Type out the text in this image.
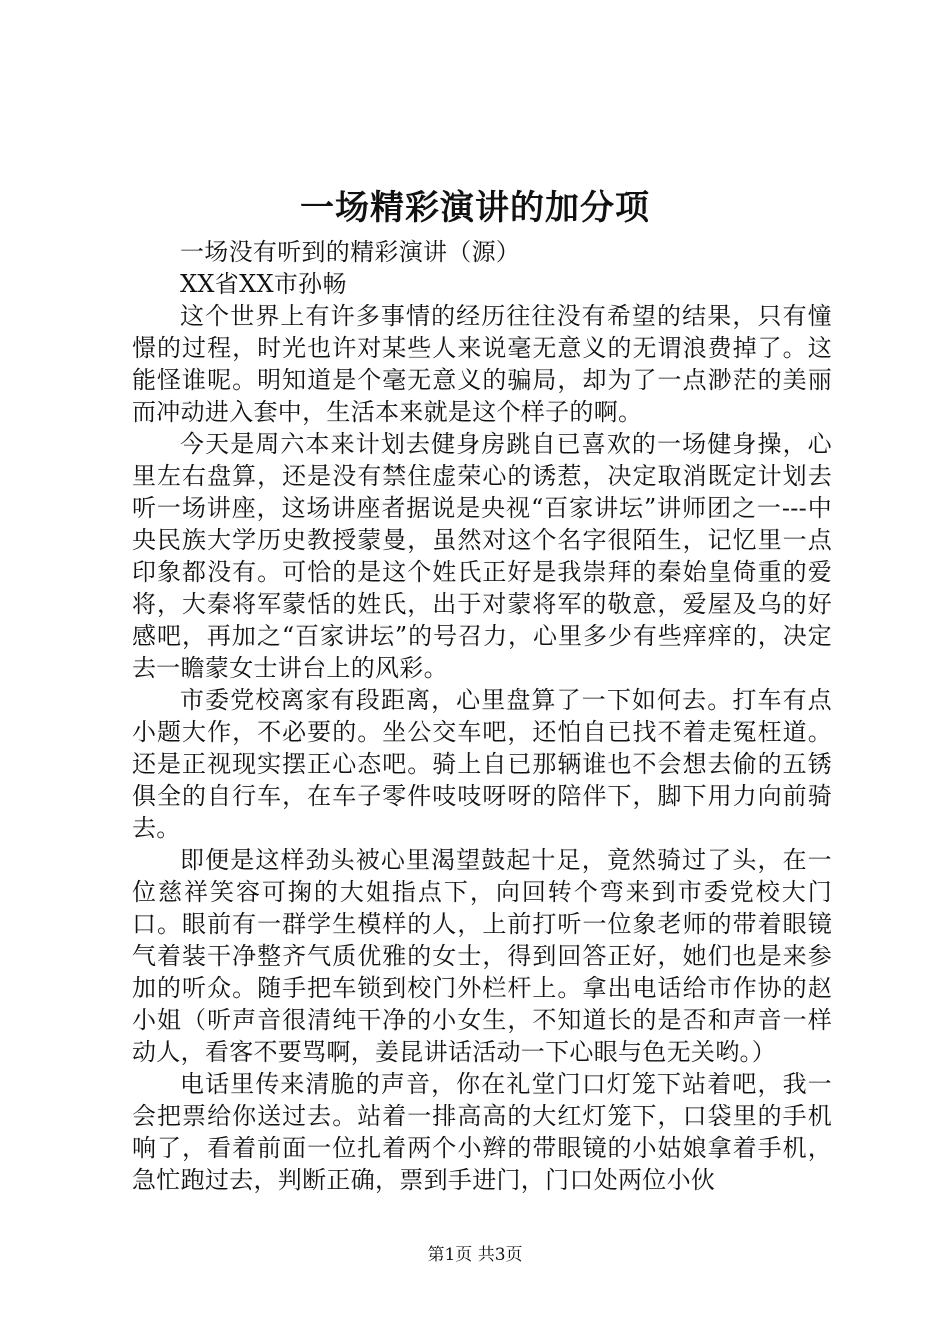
一场精彩演讲的加分项

一场没有听到的精彩演讲（源）

XX省XX市孙畅

这个世界上有许多事情的经历往往没有希望的结果，只有憧憬的过程，时光也许对某些人来说毫无意义的无谓浪费掉了。这能怪谁呢。明知道是个毫无意义的骗局，却为了一点渺茫的美丽而冲动进入套中，生活本来就是这个样子的啊。

今天是周六本来计划去健身房跳自已喜欢的一场健身操，心里左右盘算，还是没有禁住虚荣心的诱惹，决定取消既定计划去听一场讲座，这场讲座者据说是央视“百家讲坛”讲师团之一---中央民族大学历史教授蒙曼，虽然对这个名字很陌生，记忆里一点印象都没有。可恰的是这个姓氏正好是我崇拜的秦始皇倚重的爱将，大秦将军蒙恬的姓氏，出于对蒙将军的敬意，爱屋及乌的好感吧，再加之“百家讲坛”的号召力，心里多少有些痒痒的，决定去一瞻蒙女士讲台上的风彩。

市委党校离家有段距离，心里盘算了一下如何去。打车有点小题大作，不必要的。坐公交车吧，还怕自已找不着走冤枉道。还是正视现实摆正心态吧。骑上自已那辆谁也不会想去偷的五锈俱全的自行车，在车子零件吱吱呀呀的陪伴下，脚下用力向前骑去。

即便是这样劲头被心里渴望鼓起十足，竟然骑过了头，在一位慈祥笑容可掬的大姐指点下，向回转个弯来到市委党校大门口。眼前有一群学生模样的人，上前打听一位象老师的带着眼镜气着装干净整齐气质优雅的女士，得到回答正好，她们也是来参加的听众。随手把车锁到校门外栏杆上。拿出电话给市作协的赵小姐（听声音很清纯干净的小女生，不知道长的是否和声音一样动人，看客不要骂啊，姜昆讲话活动一下心眼与色无关哟。）

电话里传来清脆的声音，你在礼堂门口灯笼下站着吧，我一会把票给你送过去。站着一排高高的大红灯笼下，口袋里的手机响了，看着前面一位扎着两个小辫的带眼镜的小姑娘拿着手机，急忙跑过去，判断正确，票到手进门，门口处两位小伙

第1页 共3页
